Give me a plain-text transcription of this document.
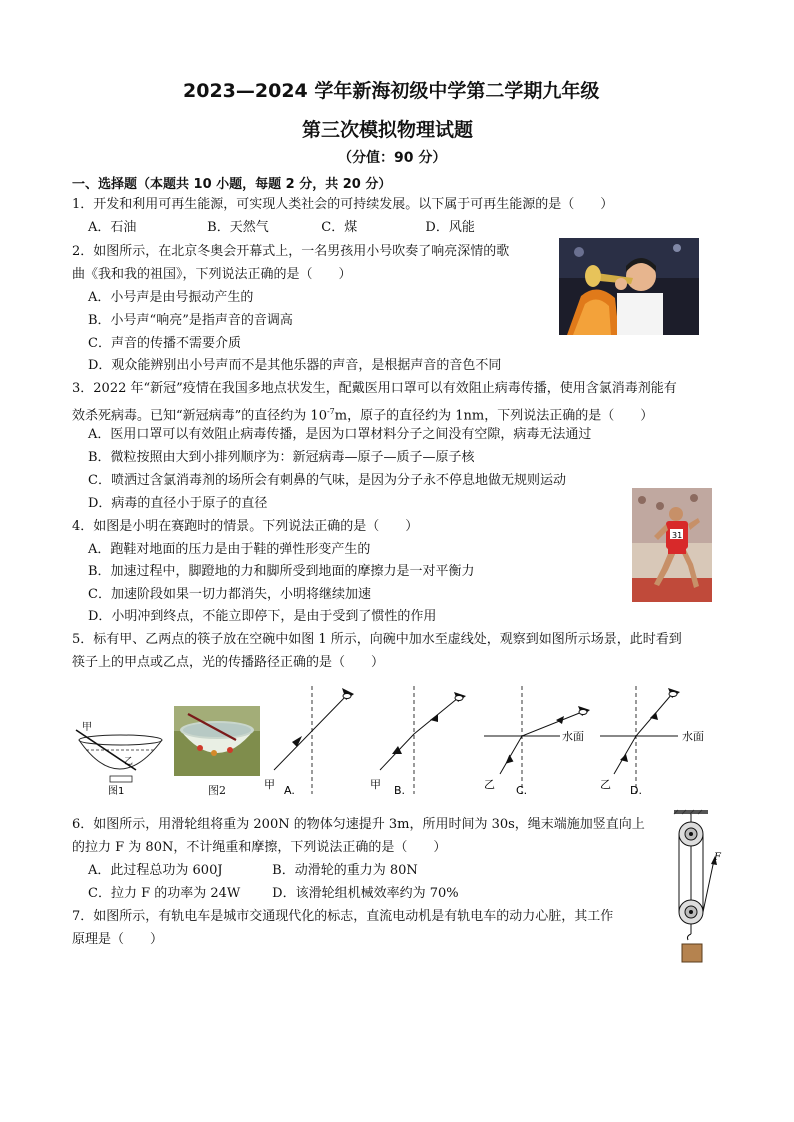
2023—2024 学年新海初级中学第二学期九年级
第三次模拟物理试题
（分值：90 分）
一、选择题（本题共 10 小题，每题 2 分，共 20 分）
1．开发和利用可再生能源，可实现人类社会的可持续发展。以下属于可再生能源的是（　　）
A．石油	B．天然气	C．煤	D．风能
2．如图所示，在北京冬奥会开幕式上，一名男孩用小号吹奏了响亮深情的歌
曲《我和我的祖国》，下列说法正确的是（　　）
A．小号声是由号振动产生的
B．小号声“响亮”是指声音的音调高
C．声音的传播不需要介质
D．观众能辨别出小号声而不是其他乐器的声音，是根据声音的音色不同
3．2022 年“新冠”疫情在我国多地点状发生，配戴医用口罩可以有效阻止病毒传播，使用含氯消毒剂能有
效杀死病毒。已知“新冠病毒”的直径约为 $10^{-7}m$，原子的直径约为 1nm，下列说法正确的是（　　）
A．医用口罩可以有效阻止病毒传播，是因为口罩材料分子之间没有空隙，病毒无法通过
B．微粒按照由大到小排列顺序为：新冠病毒—原子—质子—原子核
C．喷洒过含氯消毒剂的场所会有刺鼻的气味，是因为分子永不停息地做无规则运动
D．病毒的直径小于原子的直径
4．如图是小明在赛跑时的情景。下列说法正确的是（　　）
A．跑鞋对地面的压力是由于鞋的弹性形变产生的
B．加速过程中，脚蹬地的力和脚所受到地面的摩擦力是一对平衡力
C．加速阶段如果一切力都消失，小明将继续加速
D．小明冲到终点，不能立即停下，是由于受到了惯性的作用
31
5．标有甲、乙两点的筷子放在空碗中如图 1 所示，向碗中加水至虚线处，观察到如图所示场景，此时看到
筷子上的甲点或乙点，光的传播路径正确的是（　　）
甲
乙
图1	图2	甲 A.	甲 B.
水面
乙 C.
水面
乙 D.
6．如图所示，用滑轮组将重为 200N 的物体匀速提升 3m，所用时间为 30s，绳末端施加竖直向上
的拉力 F 为 80N，不计绳重和摩擦，下列说法正确的是（　　）
A．此过程总功为 600J	B．动滑轮的重力为 80N
C．拉力 F 的功率为 24W D．该滑轮组机械效率约为 70%
F
7．如图所示，有轨电车是城市交通现代化的标志，直流电动机是有轨电车的动力心脏，其工作
原理是（　　）
